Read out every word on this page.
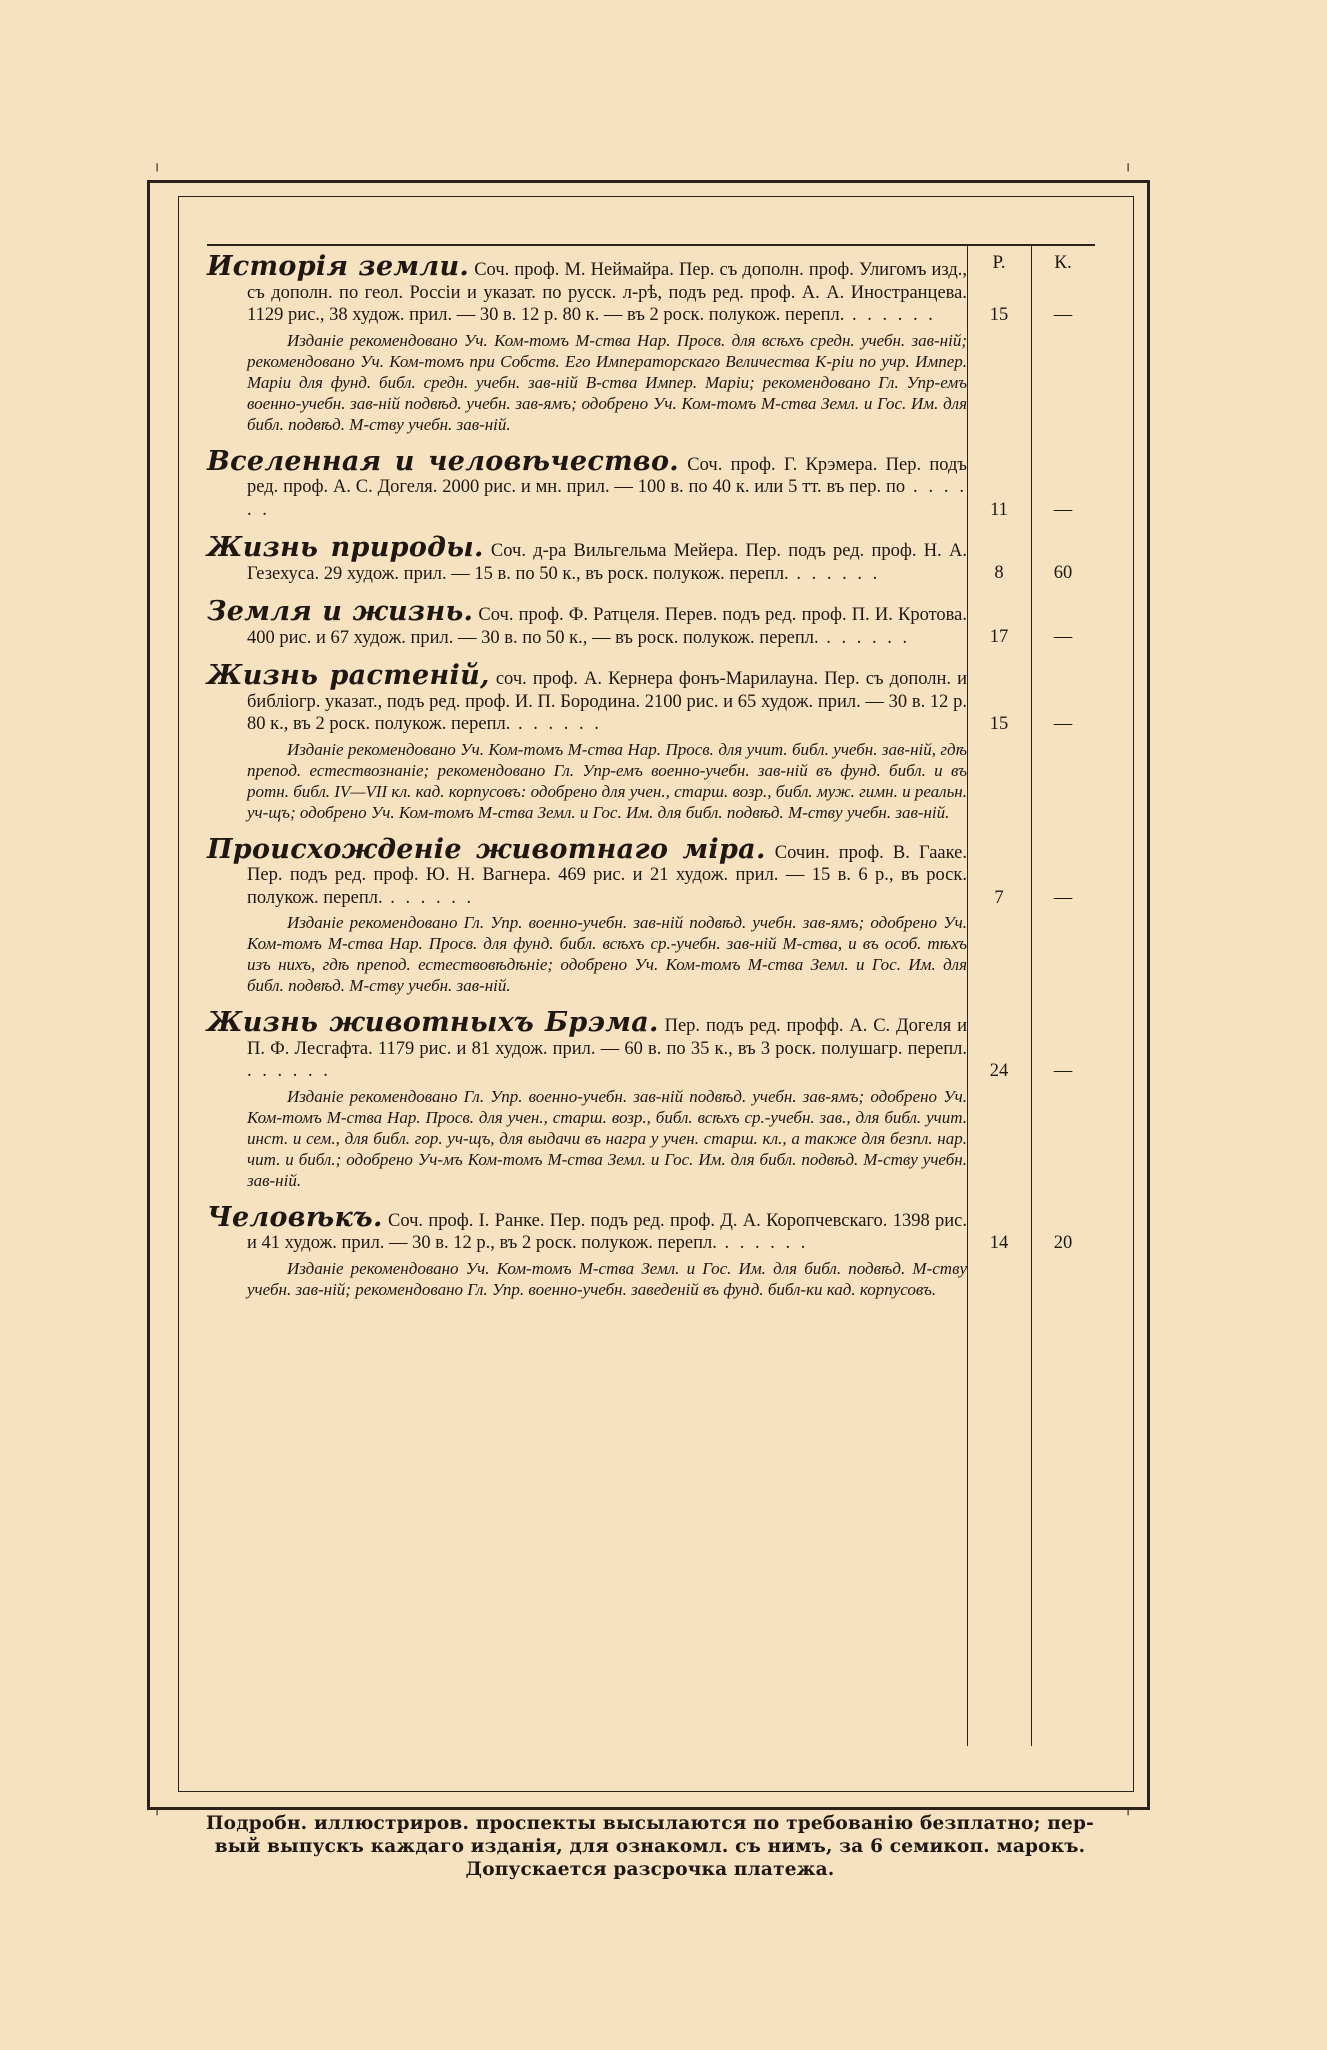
╷	╷
╵	╵
Р.	К.
Исторія земли. Соч. проф. М. Неймайра. Пер. съ дополн. проф. Улигомъ изд., съ дополн. по геол. Россіи и указат. по русск. л-рѣ, подъ ред. проф. А. А. Иностранцева. 1129 рис., 38 худож. прил. — 30 в. 12 р. 80 к. — въ 2 роск. полукож. перепл. . . . . . .	15	—
Изданіе рекомендовано Уч. Ком-томъ М-ства Нар. Просв. для всѣхъ средн. учебн. зав-ній; рекомендовано Уч. Ком-томъ при Собств. Его Императорскаго Величества К-ріи по учр. Импер. Маріи для фунд. библ. средн. учебн. зав-ній В-ства Импер. Маріи; рекомендовано Гл. Упр-емъ военно-учебн. зав-ній подвѣд. учебн. зав-ямъ; одобрено Уч. Ком-томъ М-ства Земл. и Гос. Им. для библ. подвѣд. М-ству учебн. зав-ній.
Вселенная и человѣчество. Соч. проф. Г. Крэмера. Пер. подъ ред. проф. А. С. Догеля. 2000 рис. и мн. прил. — 100 в. по 40 к. или 5 тт. въ пер. по . . . . . .	11	—
Жизнь природы. Соч. д-ра Вильгельма Мейера. Пер. подъ ред. проф. Н. А. Гезехуса. 29 худож. прил. — 15 в. по 50 к., въ роск. полукож. перепл. . . . . . .	8	60
Земля и жизнь. Соч. проф. Ф. Ратцеля. Перев. подъ ред. проф. П. И. Кротова. 400 рис. и 67 худож. прил. — 30 в. по 50 к., — въ роск. полукож. перепл. . . . . . .	17	—
Жизнь растеній, соч. проф. А. Кернера фонъ-Марилауна. Пер. съ дополн. и библіогр. указат., подъ ред. проф. И. П. Бородина. 2100 рис. и 65 худож. прил. — 30 в. 12 р. 80 к., въ 2 роск. полукож. перепл. . . . . . .	15	—
Изданіе рекомендовано Уч. Ком-томъ М-ства Нар. Просв. для учит. библ. учебн. зав-ній, гдѣ препод. естествознаніе; рекомендовано Гл. Упр-емъ военно-учебн. зав-ній въ фунд. библ. и въ ротн. библ. IV—VII кл. кад. корпусовъ: одобрено для учен., старш. возр., библ. муж. гимн. и реальн. уч-щъ; одобрено Уч. Ком-томъ М-ства Земл. и Гос. Им. для библ. подвѣд. М-ству учебн. зав-ній.
Происхожденіе животнаго міра. Сочин. проф. В. Гааке. Пер. подъ ред. проф. Ю. Н. Вагнера. 469 рис. и 21 худож. прил. — 15 в. 6 р., въ роск. полукож. перепл. . . . . . .	7	—
Изданіе рекомендовано Гл. Упр. военно-учебн. зав-ній подвѣд. учебн. зав-ямъ; одобрено Уч. Ком-томъ М-ства Нар. Просв. для фунд. библ. всѣхъ ср.-учебн. зав-ній М-ства, и въ особ. тѣхъ изъ нихъ, гдѣ препод. естествовѣдѣніе; одобрено Уч. Ком-томъ М-ства Земл. и Гос. Им. для библ. подвѣд. М-ству учебн. зав-ній.
Жизнь животныхъ Брэма. Пер. подъ ред. профф. А. С. Догеля и П. Ф. Лесгафта. 1179 рис. и 81 худож. прил. — 60 в. по 35 к., въ 3 роск. полушагр. перепл. . . . . . .	24	—
Изданіе рекомендовано Гл. Упр. военно-учебн. зав-ній подвѣд. учебн. зав-ямъ; одобрено Уч. Ком-томъ М-ства Нар. Просв. для учен., старш. возр., библ. всѣхъ ср.-учебн. зав., для библ. учит. инст. и сем., для библ. гор. уч-щъ, для выдачи въ награ у учен. старш. кл., а также для безпл. нар. чит. и библ.; одобрено Уч-мъ Ком-томъ М-ства Земл. и Гос. Им. для библ. подвѣд. М-ству учебн. зав-ній.
Человѣкъ. Соч. проф. І. Ранке. Пер. подъ ред. проф. Д. А. Коропчевскаго. 1398 рис. и 41 худож. прил. — 30 в. 12 р., въ 2 роск. полукож. перепл. . . . . . .	14	20
Изданіе рекомендовано Уч. Ком-томъ М-ства Земл. и Гос. Им. для библ. подвѣд. М-ству учебн. зав-ній; рекомендовано Гл. Упр. военно-учебн. заведеній въ фунд. библ-ки кад. корпусовъ.
Подробн. иллюстриров. проспекты высылаются по требованію безплатно; пер-
вый выпускъ каждаго изданія, для ознакомл. съ нимъ, за 6 семикоп. марокъ.
Допускается разсрочка платежа.
